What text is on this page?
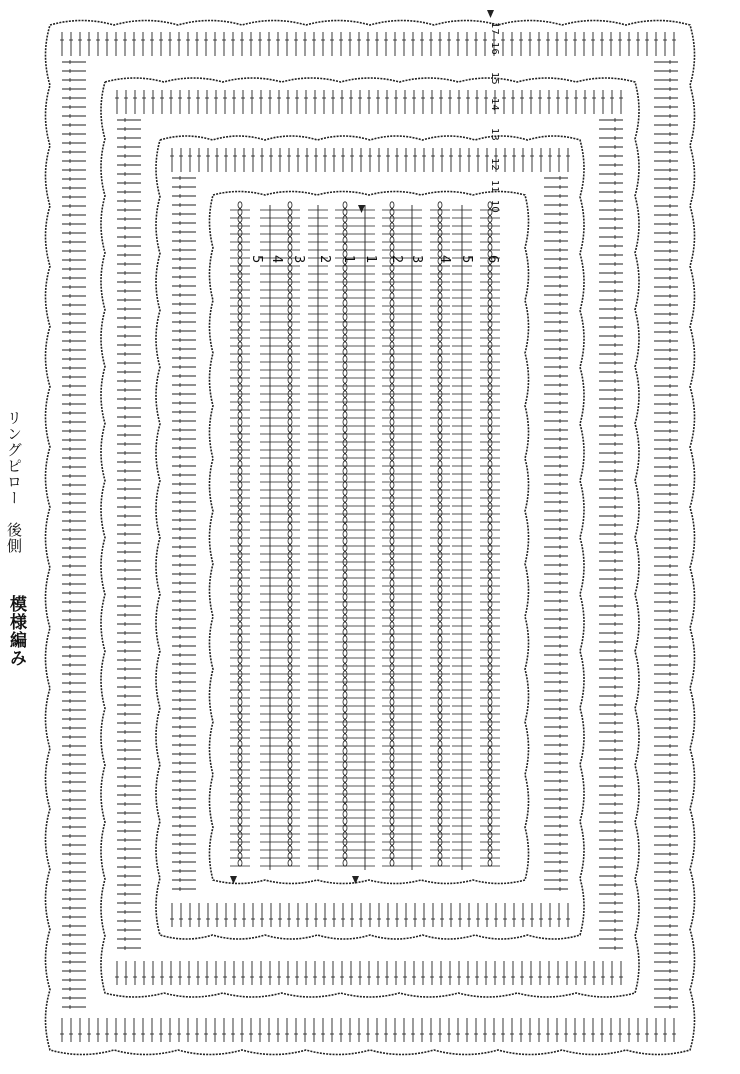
模様編み
リングピロー　後側
17
16
15
14
13
12
11
10
5 4 3 2 1 1 2 3 4 5 6
